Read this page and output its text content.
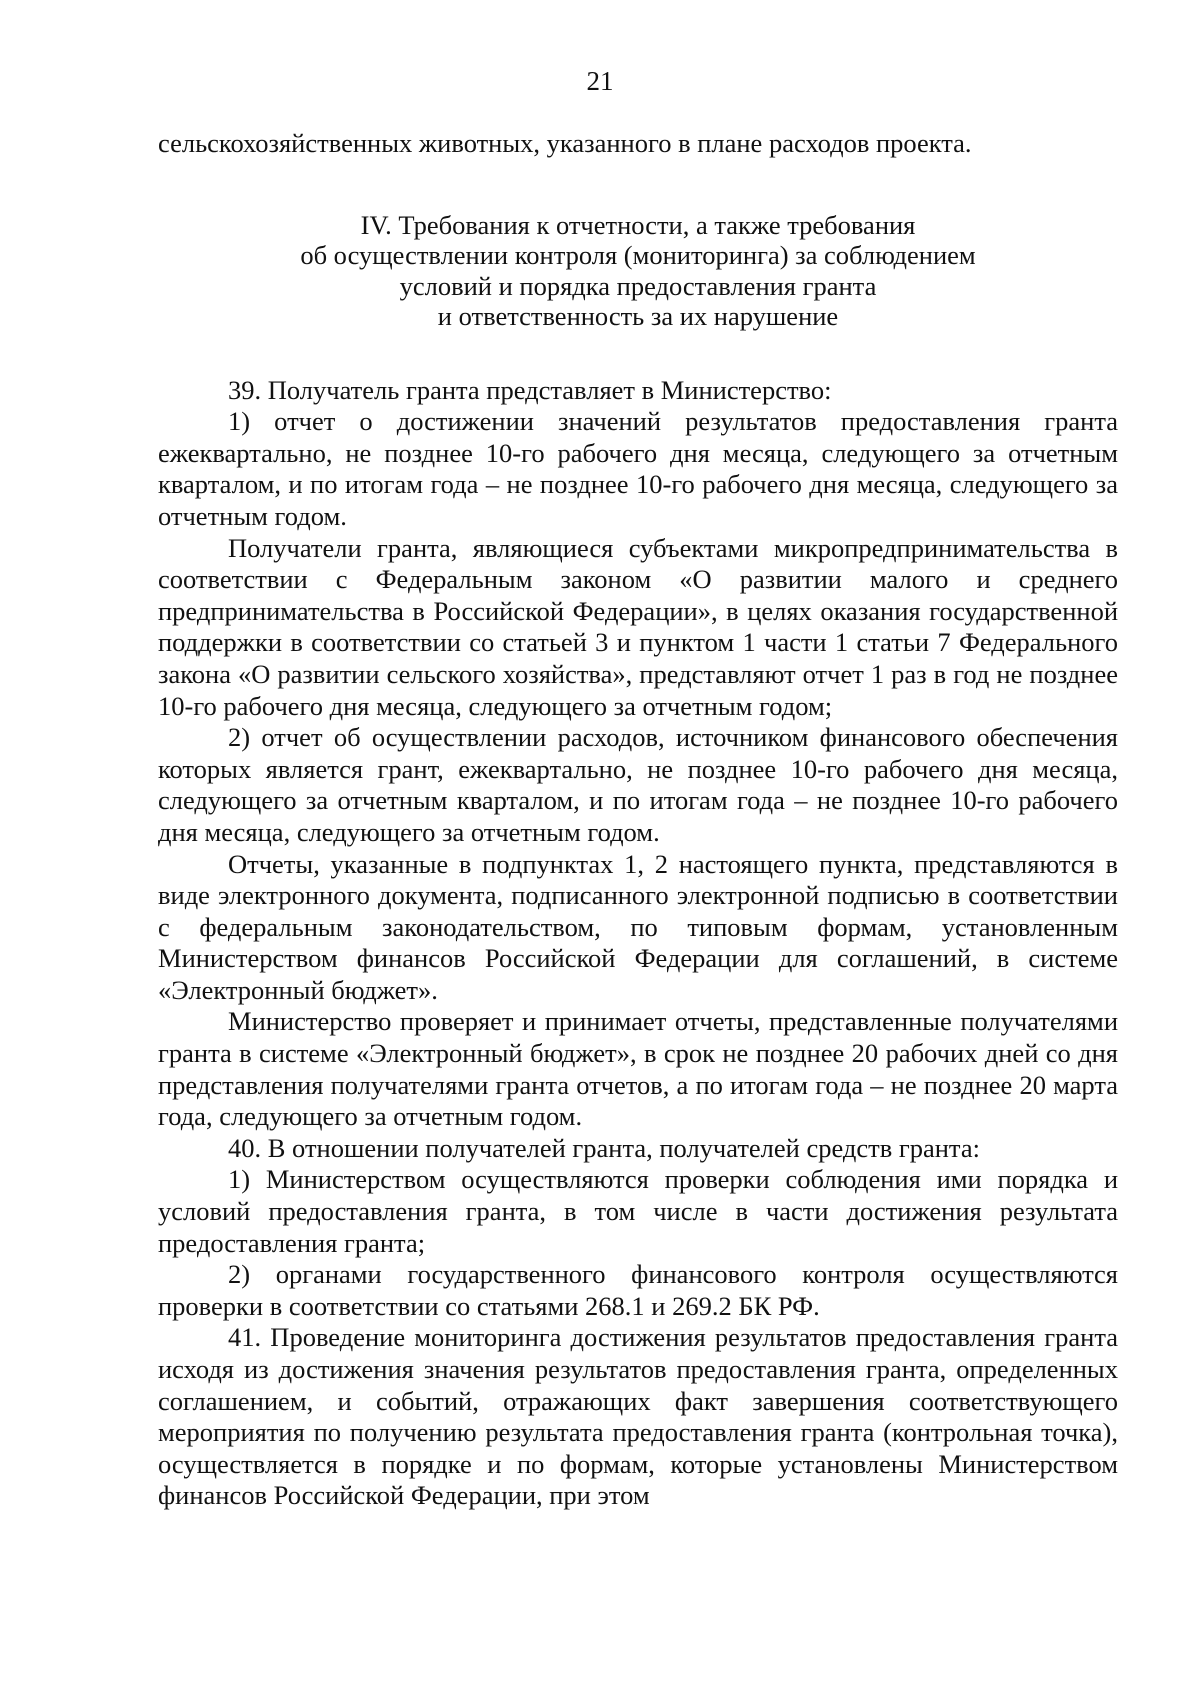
21

сельскохозяйственных животных, указанного в плане расходов проекта.

IV. Требования к отчетности, а также требования
об осуществлении контроля (мониторинга) за соблюдением
условий и порядка предоставления гранта
и ответственность за их нарушение

39. Получатель гранта представляет в Министерство:

1) отчет о достижении значений результатов предоставления гранта ежеквартально, не позднее 10-го рабочего дня месяца, следующего за отчетным кварталом, и по итогам года – не позднее 10-го рабочего дня месяца, следующего за отчетным годом.

Получатели гранта, являющиеся субъектами микропредпринимательства в соответствии с Федеральным законом «О развитии малого и среднего предпринимательства в Российской Федерации», в целях оказания государственной поддержки в соответствии со статьей 3 и пунктом 1 части 1 статьи 7 Федерального закона «О развитии сельского хозяйства», представляют отчет 1 раз в год не позднее 10-го рабочего дня месяца, следующего за отчетным годом;

2) отчет об осуществлении расходов, источником финансового обеспечения которых является грант, ежеквартально, не позднее 10-го рабочего дня месяца, следующего за отчетным кварталом, и по итогам года – не позднее 10-го рабочего дня месяца, следующего за отчетным годом.

Отчеты, указанные в подпунктах 1, 2 настоящего пункта, представляются в виде электронного документа, подписанного электронной подписью в соответствии с федеральным законодательством, по типовым формам, установленным Министерством финансов Российской Федерации для соглашений, в системе «Электронный бюджет».

Министерство проверяет и принимает отчеты, представленные получателями гранта в системе «Электронный бюджет», в срок не позднее 20 рабочих дней со дня представления получателями гранта отчетов, а по итогам года – не позднее 20 марта года, следующего за отчетным годом.

40. В отношении получателей гранта, получателей средств гранта:

1) Министерством осуществляются проверки соблюдения ими порядка и условий предоставления гранта, в том числе в части достижения результата предоставления гранта;

2) органами государственного финансового контроля осуществляются проверки в соответствии со статьями 268.1 и 269.2 БК РФ.

41. Проведение мониторинга достижения результатов предоставления гранта исходя из достижения значения результатов предоставления гранта, определенных соглашением, и событий, отражающих факт завершения соответствующего мероприятия по получению результата предоставления гранта (контрольная точка), осуществляется в порядке и по формам, которые установлены Министерством финансов Российской Федерации, при этом
